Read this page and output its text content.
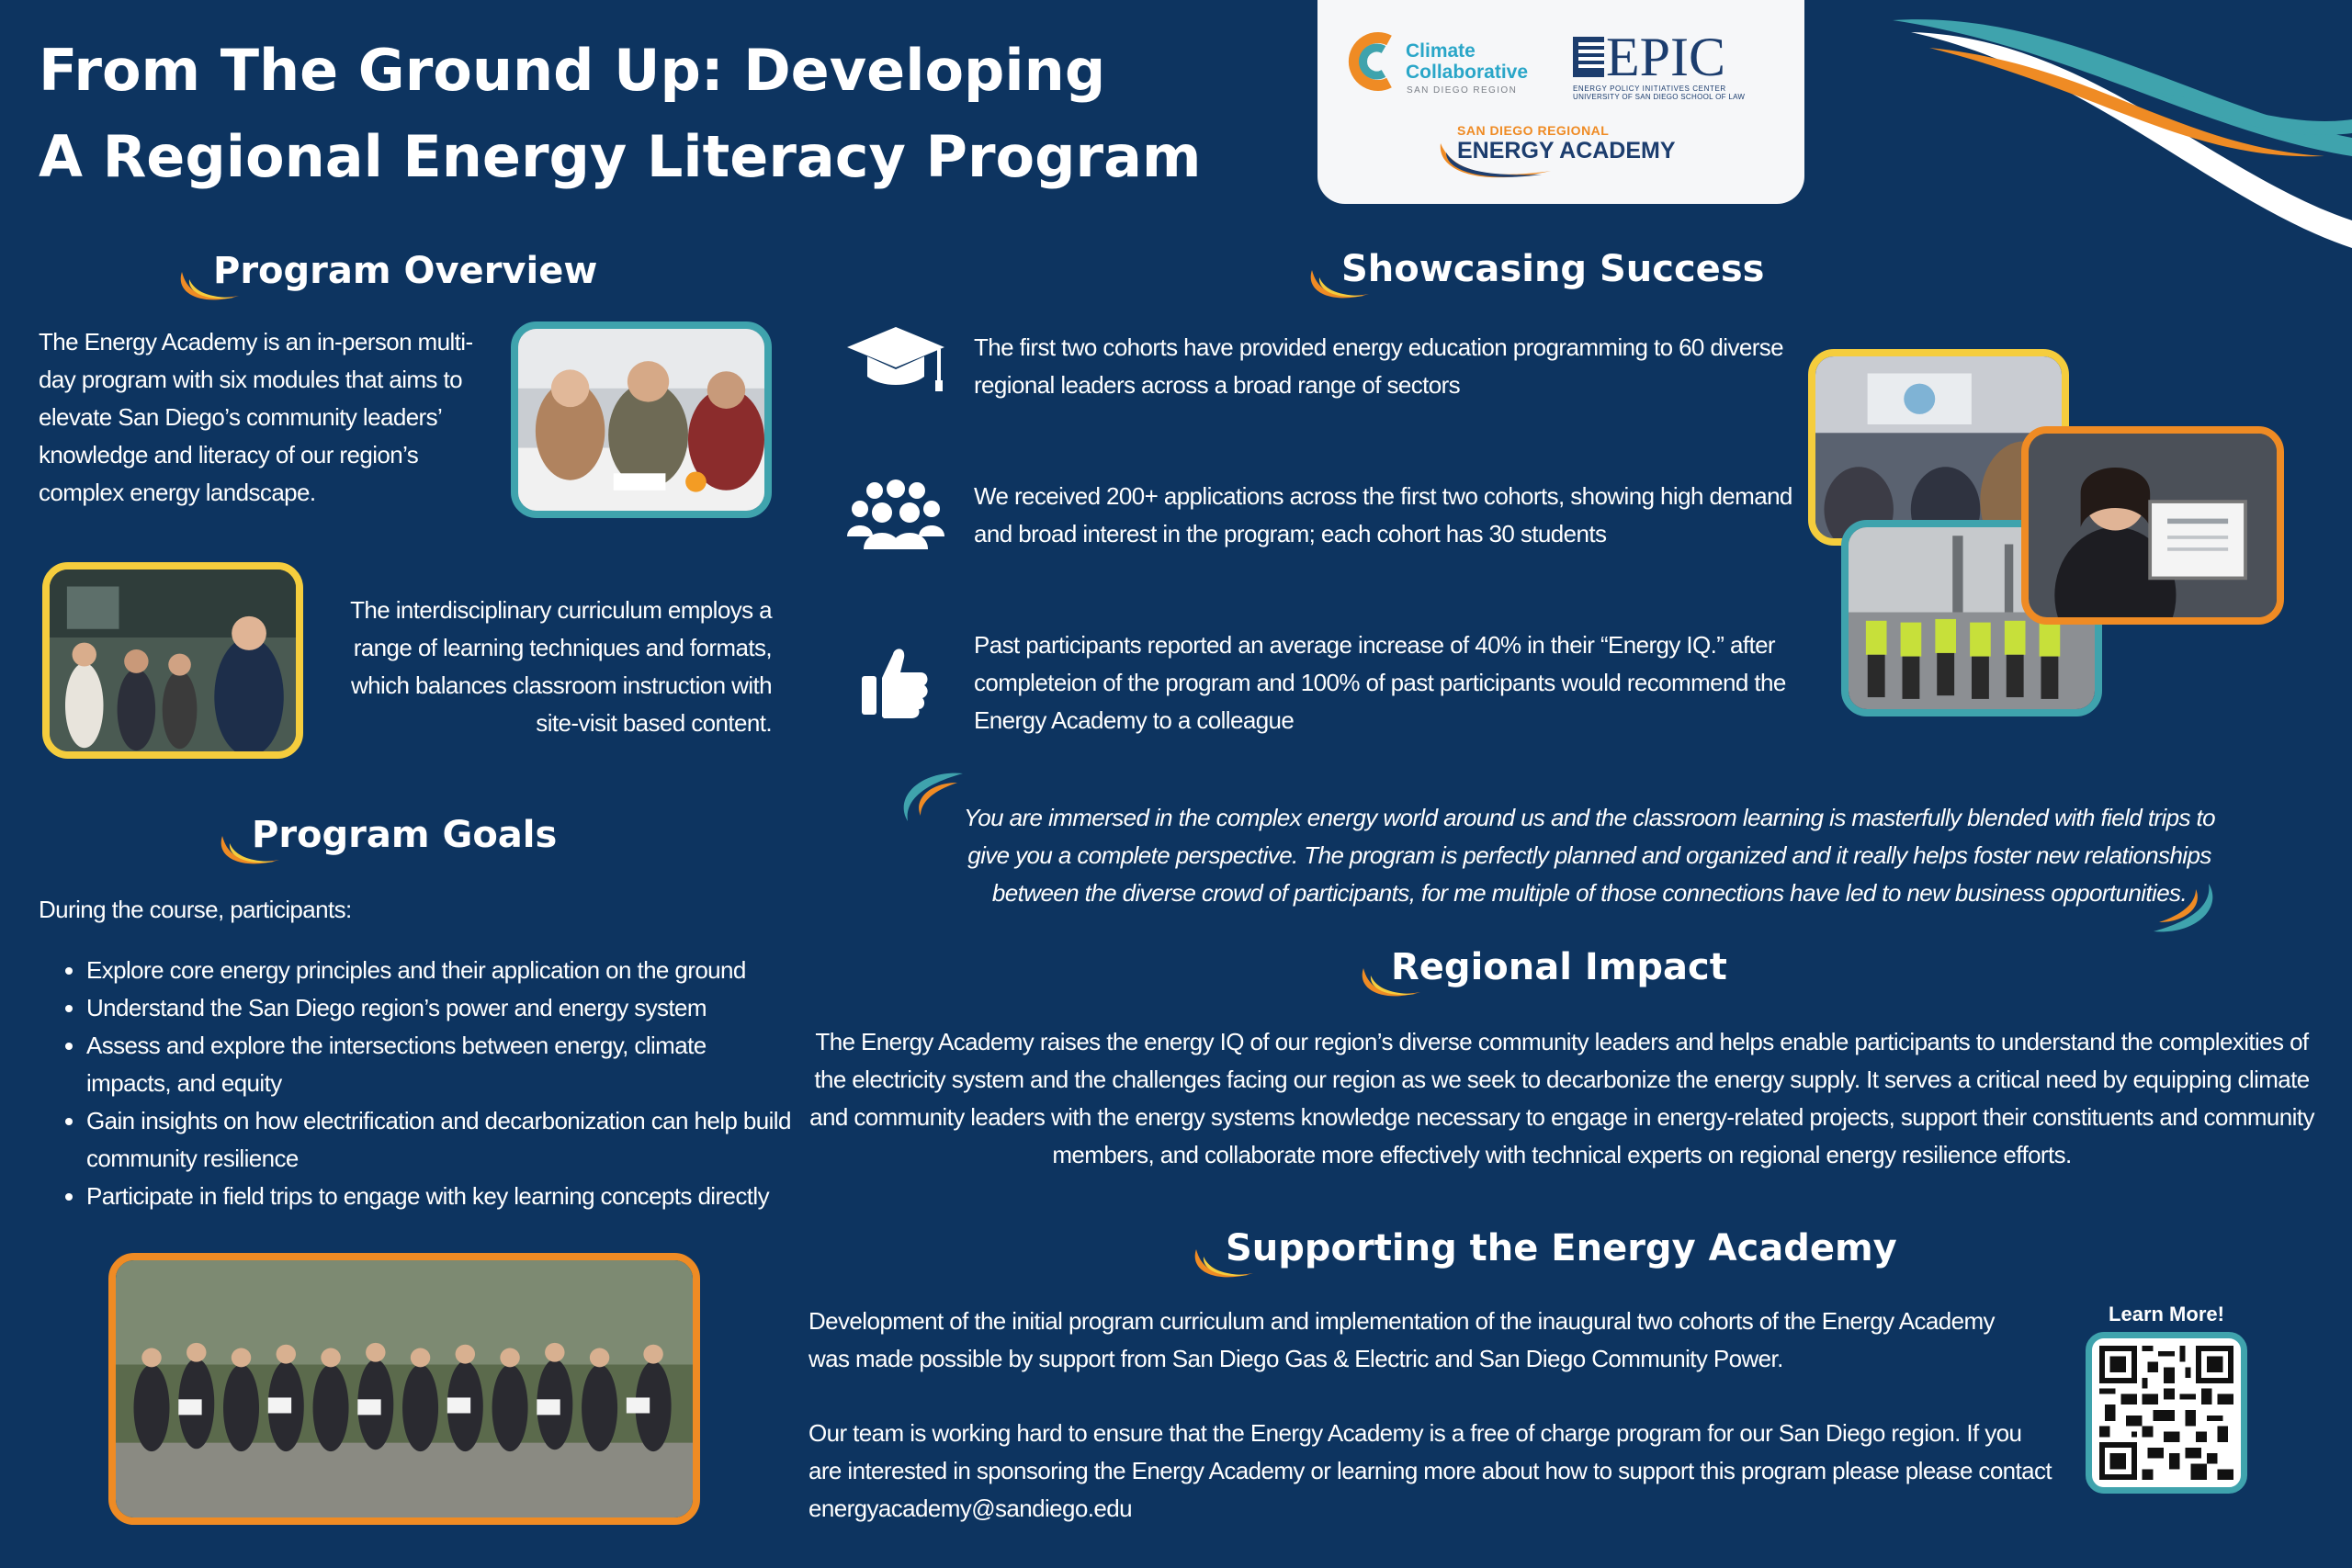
From The Ground Up: Developing
A Regional Energy Literacy Program
Climate
Collaborative
SAN DIEGO REGION
EPIC
ENERGY POLICY INITIATIVES CENTER
UNIVERSITY OF SAN DIEGO SCHOOL OF LAW
SAN DIEGO REGIONAL
ENERGY ACADEMY
Program Overview
The Energy Academy is an in-person multi-day program with six modules that aims to elevate San Diego’s community leaders’ knowledge and literacy of our region’s complex energy landscape.
The interdisciplinary curriculum employs a range of learning techniques and formats, which balances classroom instruction with site-visit based content.
Program Goals
During the course, participants:
• Explore core energy principles and their application on the ground
• Understand the San Diego region’s power and energy system
• Assess and explore the intersections between energy, climate impacts, and equity
• Gain insights on how electrification and decarbonization can help build community resilience
• Participate in field trips to engage with key learning concepts directly
Showcasing Success
The first two cohorts have provided energy education programming to 60 diverse regional leaders across a broad range of sectors
We received 200+ applications across the first two cohorts, showing high demand and broad interest in the program; each cohort has 30 students
Past participants reported an average increase of 40% in their “Energy IQ.” after completeion of the program and 100% of past participants would recommend the Energy Academy to a colleague
You are immersed in the complex energy world around us and the classroom learning is masterfully blended with field trips to give you a complete perspective. The program is perfectly planned and organized and it really helps foster new relationships between the diverse crowd of participants, for me multiple of those connections have led to new business opportunities.
Regional Impact
The Energy Academy raises the energy IQ of our region’s diverse community leaders and helps enable participants to understand the complexities of the electricity system and the challenges facing our region as we seek to decarbonize the energy supply. It serves a critical need by equipping climate and community leaders with the energy systems knowledge necessary to engage in energy-related projects, support their constituents and community members, and collaborate more effectively with technical experts on regional energy resilience efforts.
Supporting the Energy Academy
Development of the initial program curriculum and implementation of the inaugural two cohorts of the Energy Academy was made possible by support from San Diego Gas & Electric and San Diego Community Power.
Our team is working hard to ensure that the Energy Academy is a free of charge program for our San Diego region. If you are interested in sponsoring the Energy Academy or learning more about how to support this program please please contact energyacademy@sandiego.edu
Learn More!
